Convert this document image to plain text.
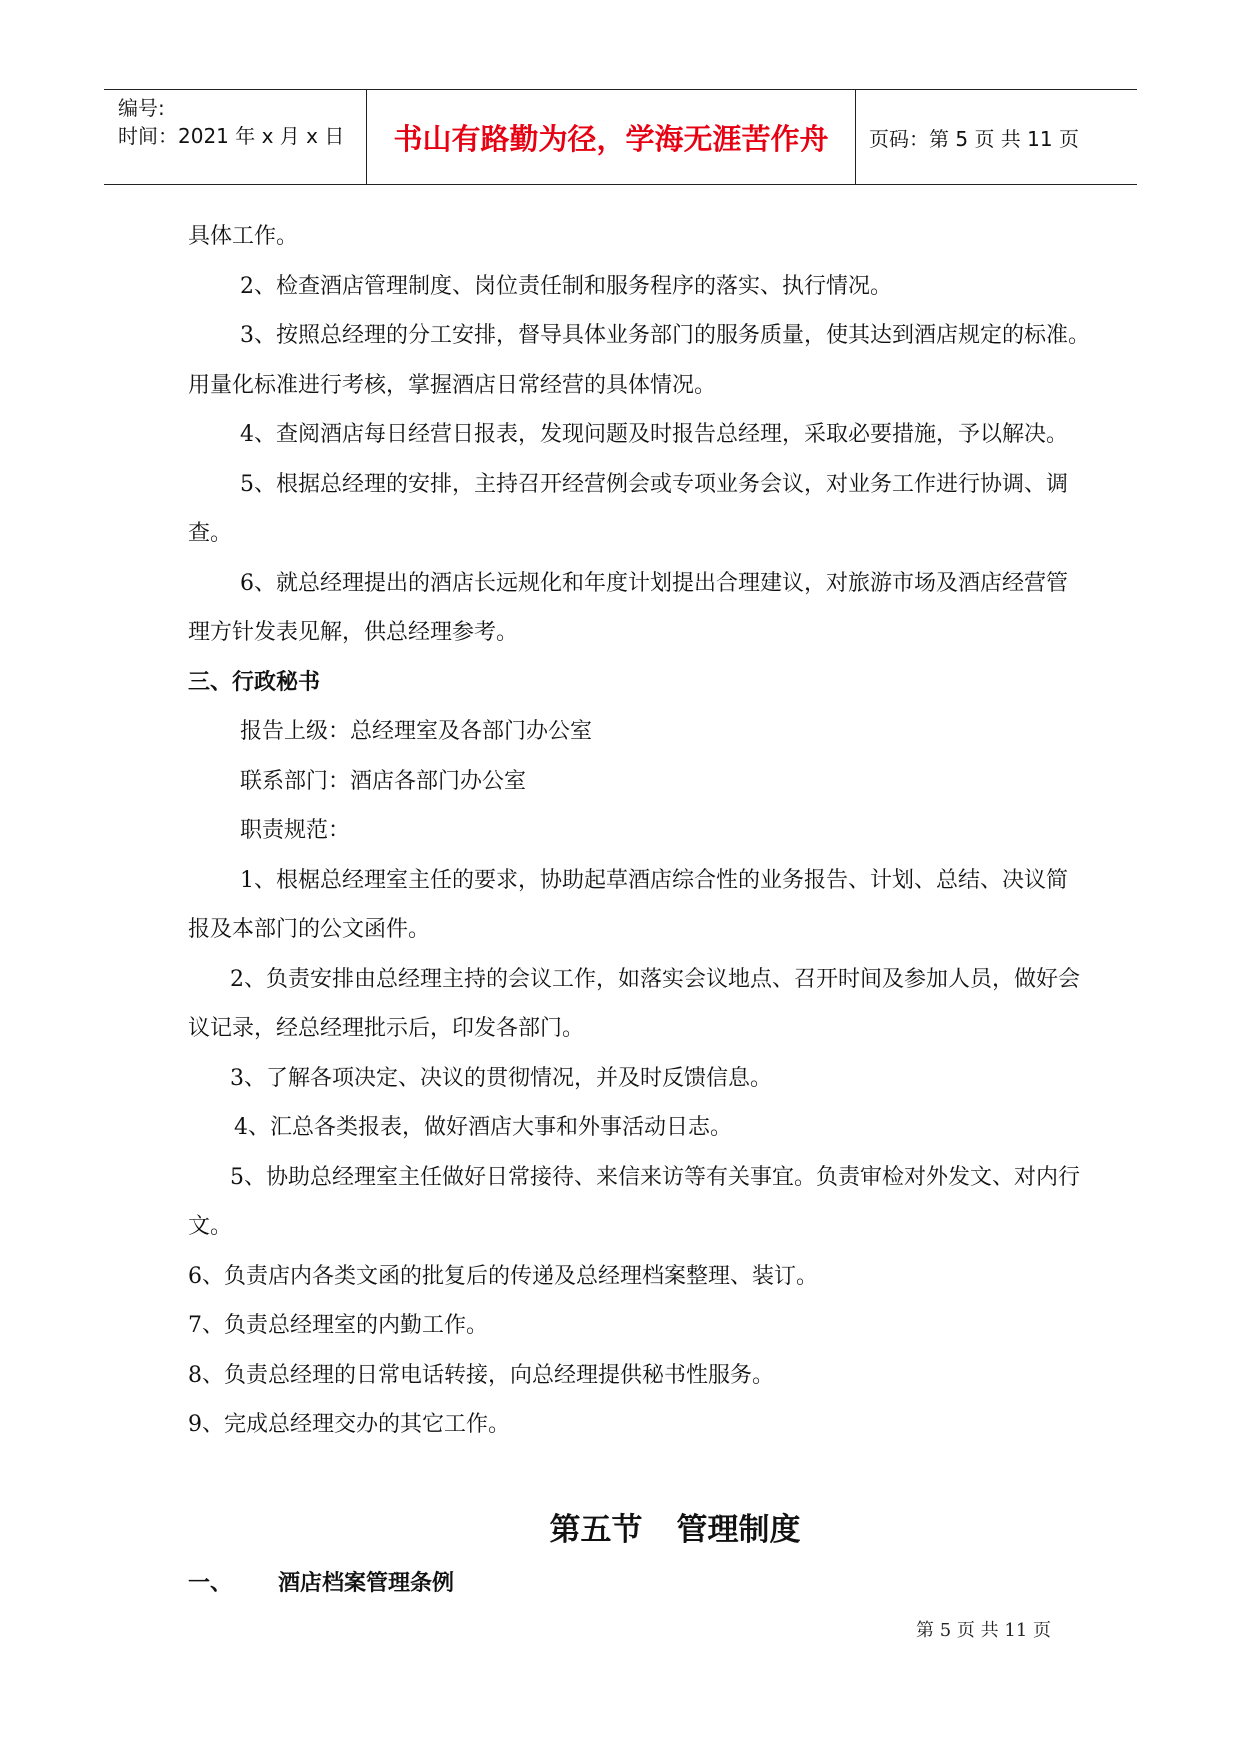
编号:
时间：2021 年 x 月 x 日	书山有路勤为径，学海无涯苦作舟	页码：第 5 页 共 11 页

具体工作。

2、检查酒店管理制度、岗位责任制和服务程序的落实、执行情况。

3、按照总经理的分工安排，督导具体业务部门的服务质量，使其达到酒店规定的标准。

用量化标准进行考核，掌握酒店日常经营的具体情况。

4、查阅酒店每日经营日报表，发现问题及时报告总经理，采取必要措施，予以解决。

5、根据总经理的安排，主持召开经营例会或专项业务会议，对业务工作进行协调、调

查。

6、就总经理提出的酒店长远规化和年度计划提出合理建议，对旅游市场及酒店经营管

理方针发表见解，供总经理参考。

三、行政秘书

报告上级：总经理室及各部门办公室

联系部门：酒店各部门办公室

职责规范：

1、根椐总经理室主任的要求，协助起草酒店综合性的业务报告、计划、总结、决议简

报及本部门的公文函件。

2、负责安排由总经理主持的会议工作，如落实会议地点、召开时间及参加人员，做好会

议记录，经总经理批示后，印发各部门。

3、了解各项决定、决议的贯彻情况，并及时反馈信息。

4、汇总各类报表，做好酒店大事和外事活动日志。

5、协助总经理室主任做好日常接待、来信来访等有关事宜。负责审检对外发文、对内行

文。

6、负责店内各类文函的批复后的传递及总经理档案整理、装订。

7、负责总经理室的内勤工作。

8、负责总经理的日常电话转接，向总经理提供秘书性服务。

9、完成总经理交办的其它工作。

第五节 管理制度
一、 酒店档案管理条例
第 5 页 共 11 页
